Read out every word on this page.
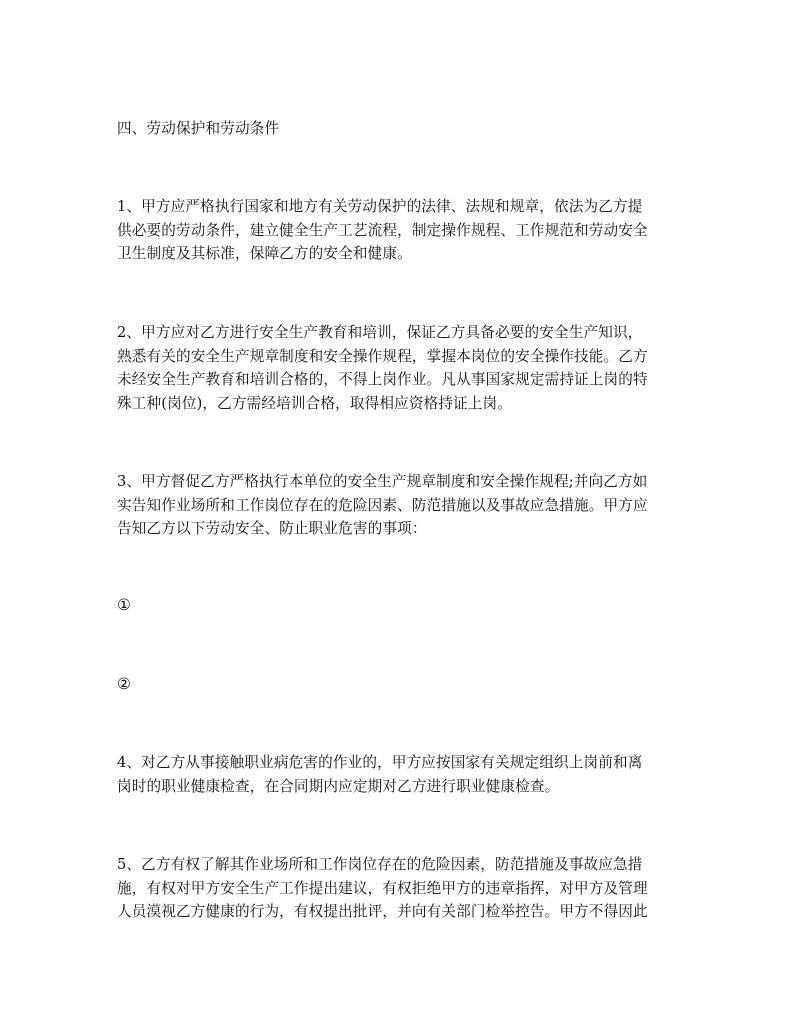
四、劳动保护和劳动条件

1、甲方应严格执行国家和地方有关劳动保护的法律、法规和规章，依法为乙方提
供必要的劳动条件，建立健全生产工艺流程，制定操作规程、工作规范和劳动安全
卫生制度及其标准，保障乙方的安全和健康。

2、甲方应对乙方进行安全生产教育和培训，保证乙方具备必要的安全生产知识，
熟悉有关的安全生产规章制度和安全操作规程，掌握本岗位的安全操作技能。乙方
未经安全生产教育和培训合格的，不得上岗作业。凡从事国家规定需持证上岗的特
殊工种(岗位)，乙方需经培训合格，取得相应资格持证上岗。

3、甲方督促乙方严格执行本单位的安全生产规章制度和安全操作规程;并向乙方如
实告知作业场所和工作岗位存在的危险因素、防范措施以及事故应急措施。甲方应
告知乙方以下劳动安全、防止职业危害的事项：

①

②

4、对乙方从事接触职业病危害的作业的，甲方应按国家有关规定组织上岗前和离
岗时的职业健康检查，在合同期内应定期对乙方进行职业健康检查。

5、乙方有权了解其作业场所和工作岗位存在的危险因素，防范措施及事故应急措
施，有权对甲方安全生产工作提出建议，有权拒绝甲方的违章指挥，对甲方及管理
人员漠视乙方健康的行为，有权提出批评，并向有关部门检举控告。甲方不得因此
